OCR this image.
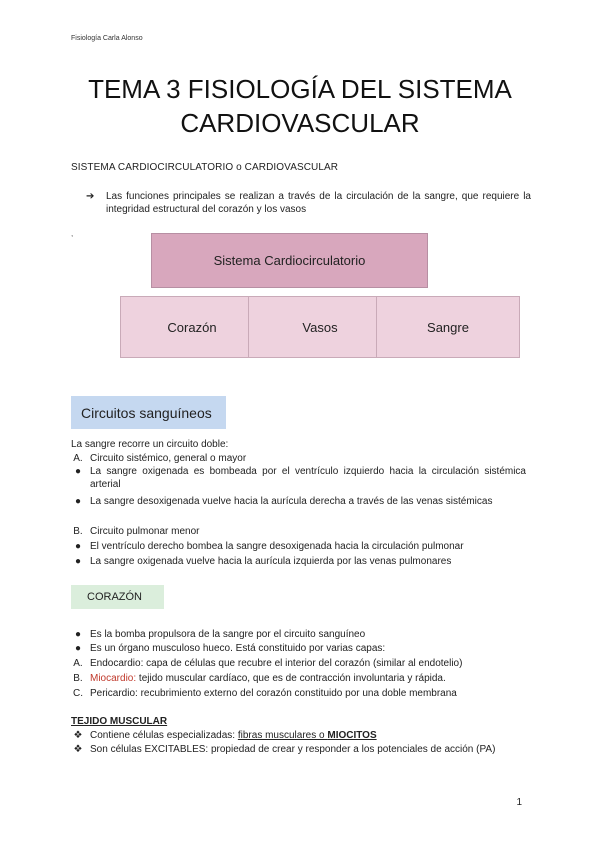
Fisiología Carla Alonso
TEMA 3 FISIOLOGÍA DEL SISTEMA
CARDIOVASCULAR
SISTEMA CARDIOCIRCULATORIO o CARDIOVASCULAR
➔	Las funciones principales se realizan a través de la circulación de la sangre, que requiere la integridad estructural del corazón y los vasos
,
Sistema Cardiocirculatorio
Corazón	Vasos	Sangre
Circuitos sanguíneos
La sangre recorre un circuito doble:
A. Circuito sistémico, general o mayor
● La sangre oxigenada es bombeada por el ventrículo izquierdo hacia la circulación sistémica arterial
● La sangre desoxigenada vuelve hacia la aurícula derecha a través de las venas sistémicas
B. Circuito pulmonar menor
● El ventrículo derecho bombea la sangre desoxigenada hacia la circulación pulmonar
● La sangre oxigenada vuelve hacia la aurícula izquierda por las venas pulmonares
CORAZÓN
● Es la bomba propulsora de la sangre por el circuito sanguíneo
● Es un órgano musculoso hueco. Está constituido por varias capas:
A. Endocardio: capa de células que recubre el interior del corazón (similar al endotelio)
B. Miocardio: tejido muscular cardíaco, que es de contracción involuntaria y rápida.
C. Pericardio: recubrimiento externo del corazón constituido por una doble membrana
TEJIDO MUSCULAR
❖ Contiene células especializadas: fibras musculares o MIOCITOS
❖ Son células EXCITABLES: propiedad de crear y responder a los potenciales de acción (PA)
1
